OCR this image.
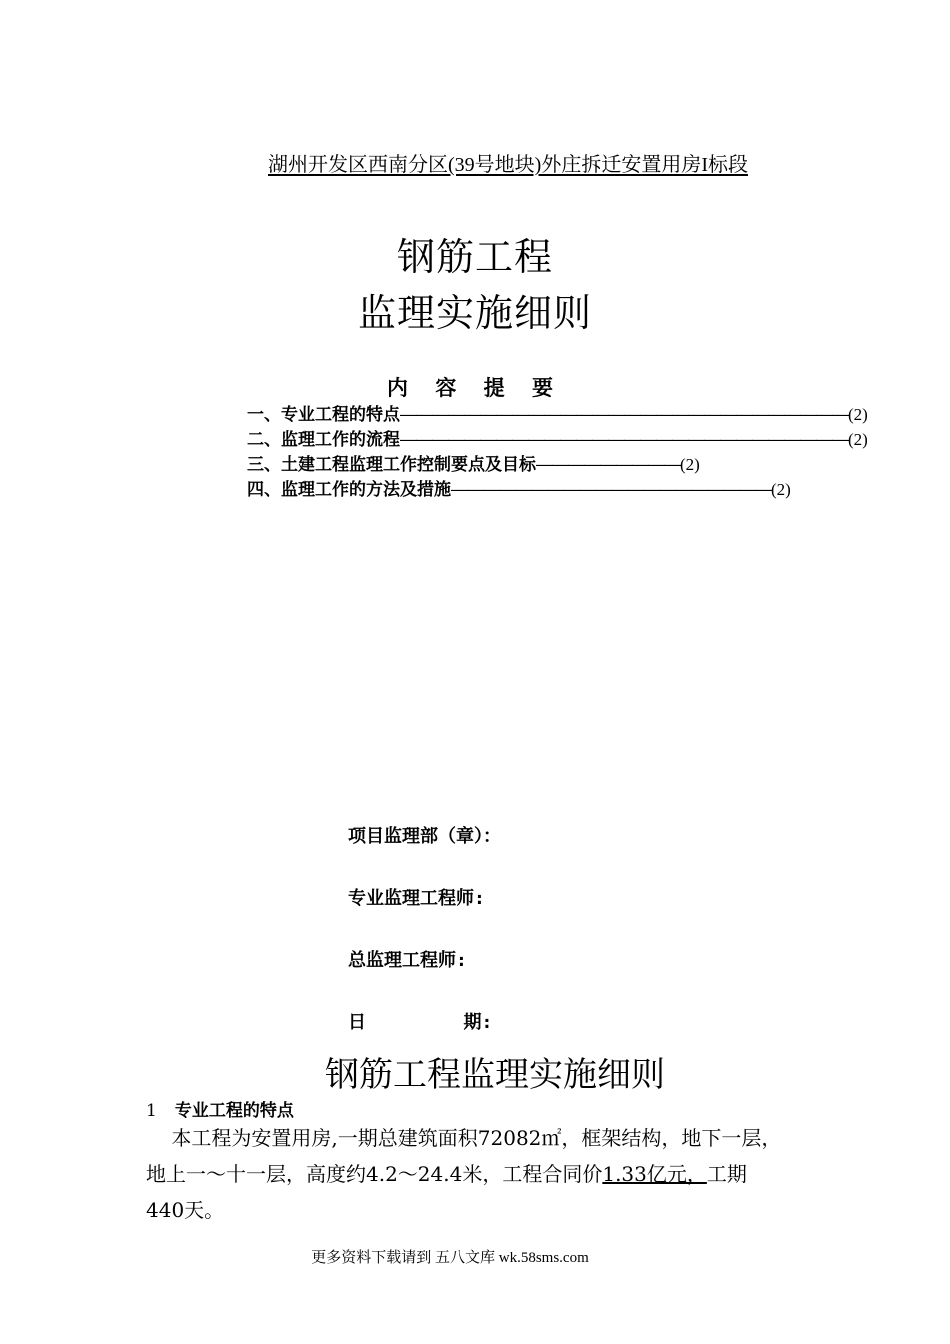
湖州开发区西南分区(39号地块)外庄拆迁安置用房I标段
钢筋工程
监理实施细则
内 容 提 要
一、专业工程的特点――――――――――――――――――――――――――――(2)
二、监理工作的流程――――――――――――――――――――――――――――(2)
三、土建工程监理工作控制要点及目标―――――――――(2)
四、监理工作的方法及措施――――――――――――――――――――(2)
项目监理部（章）：
专业监理工程师:
总监理工程师:
日         期:
钢筋工程监理实施细则
1 专业工程的特点
本工程为安置用房,一期总建筑面积72082㎡，框架结构，地下一层，
地上一～十一层，高度约4.2～24.4米，工程合同价1.33亿元，工期
440天。
更多资料下载请到 五八文库 wk.58sms.com
